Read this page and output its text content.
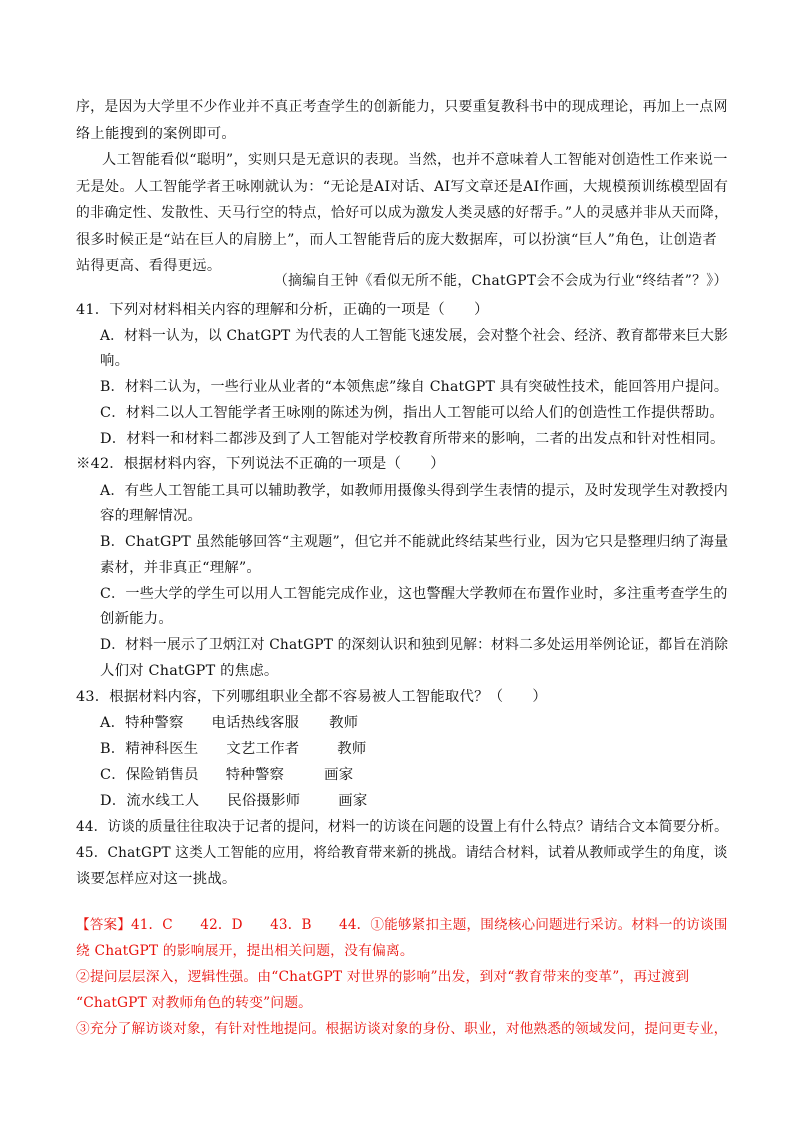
序，是因为大学里不少作业并不真正考查学生的创新能力，只要重复教科书中的现成理论，再加上一点网
络上能搜到的案例即可。
人工智能看似“聪明”，实则只是无意识的表现。当然，也并不意味着人工智能对创造性工作来说一
无是处。人工智能学者王咏刚就认为：“无论是AI对话、AI写文章还是AI作画，大规模预训练模型固有
的非确定性、发散性、天马行空的特点，恰好可以成为激发人类灵感的好帮手。”人的灵感并非从天而降，
很多时候正是“站在巨人的肩膀上”，而人工智能背后的庞大数据库，可以扮演“巨人”角色，让创造者
站得更高、看得更远。
（摘编自王钟《看似无所不能，ChatGPT会不会成为行业“终结者”？》）
41．下列对材料相关内容的理解和分析，正确的一项是（　　）
A．材料一认为，以 ChatGPT 为代表的人工智能飞速发展，会对整个社会、经济、教育都带来巨大影
响。
B．材料二认为，一些行业从业者的“本领焦虑”缘自 ChatGPT 具有突破性技术，能回答用户提问。
C．材料二以人工智能学者王咏刚的陈述为例，指出人工智能可以给人们的创造性工作提供帮助。
D．材料一和材料二都涉及到了人工智能对学校教育所带来的影响，二者的出发点和针对性相同。
※42．根据材料内容，下列说法不正确的一项是（　　）
A．有些人工智能工具可以辅助教学，如教师用摄像头得到学生表情的提示，及时发现学生对教授内
容的理解情况。
B．ChatGPT 虽然能够回答“主观题”，但它并不能就此终结某些行业，因为它只是整理归纳了海量
素材，并非真正“理解”。
C．一些大学的学生可以用人工智能完成作业，这也警醒大学教师在布置作业时，多注重考查学生的
创新能力。
D．材料一展示了卫炳江对 ChatGPT 的深刻认识和独到见解：材料二多处运用举例论证，都旨在消除
人们对 ChatGPT 的焦虑。
43．根据材料内容，下列哪组职业全都不容易被人工智能取代？（　　）
A．特种警察 电话热线客服 教师
B．精神科医生 文艺工作者	教师
C．保险销售员 特种警察	画家
D．流水线工人 民俗摄影师	画家
44．访谈的质量往往取决于记者的提问，材料一的访谈在问题的设置上有什么特点？请结合文本简要分析。
45．ChatGPT 这类人工智能的应用，将给教育带来新的挑战。请结合材料，试着从教师或学生的角度，谈
谈要怎样应对这一挑战。
【答案】41．C　　42．D　　43．B　　44．①能够紧扣主题，围绕核心问题进行采访。材料一的访谈围
绕 ChatGPT 的影响展开，提出相关问题，没有偏离。
②提问层层深入，逻辑性强。由“ChatGPT 对世界的影响”出发，到对“教育带来的变革”，再过渡到
“ChatGPT 对教师角色的转变”问题。
③充分了解访谈对象，有针对性地提问。根据访谈对象的身份、职业，对他熟悉的领域发问，提问更专业，
